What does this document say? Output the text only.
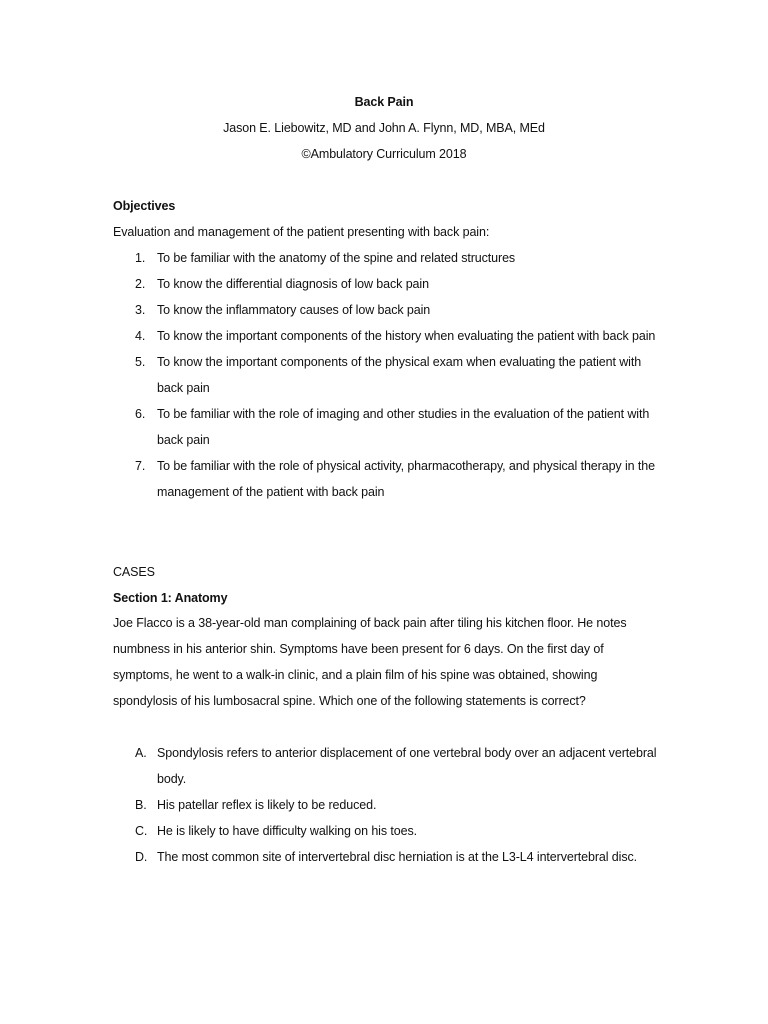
Back Pain
Jason E. Liebowitz, MD and John A. Flynn, MD, MBA, MEd
©Ambulatory Curriculum 2018
Objectives
Evaluation and management of the patient presenting with back pain:
1. To be familiar with the anatomy of the spine and related structures
2. To know the differential diagnosis of low back pain
3. To know the inflammatory causes of low back pain
4. To know the important components of the history when evaluating the patient with back pain
5. To know the important components of the physical exam when evaluating the patient with back pain
6. To be familiar with the role of imaging and other studies in the evaluation of the patient with back pain
7. To be familiar with the role of physical activity, pharmacotherapy, and physical therapy in the management of the patient with back pain
CASES
Section 1: Anatomy
Joe Flacco is a 38-year-old man complaining of back pain after tiling his kitchen floor. He notes numbness in his anterior shin. Symptoms have been present for 6 days. On the first day of symptoms, he went to a walk-in clinic, and a plain film of his spine was obtained, showing spondylosis of his lumbosacral spine. Which one of the following statements is correct?
A. Spondylosis refers to anterior displacement of one vertebral body over an adjacent vertebral body.
B. His patellar reflex is likely to be reduced.
C. He is likely to have difficulty walking on his toes.
D. The most common site of intervertebral disc herniation is at the L3-L4 intervertebral disc.
